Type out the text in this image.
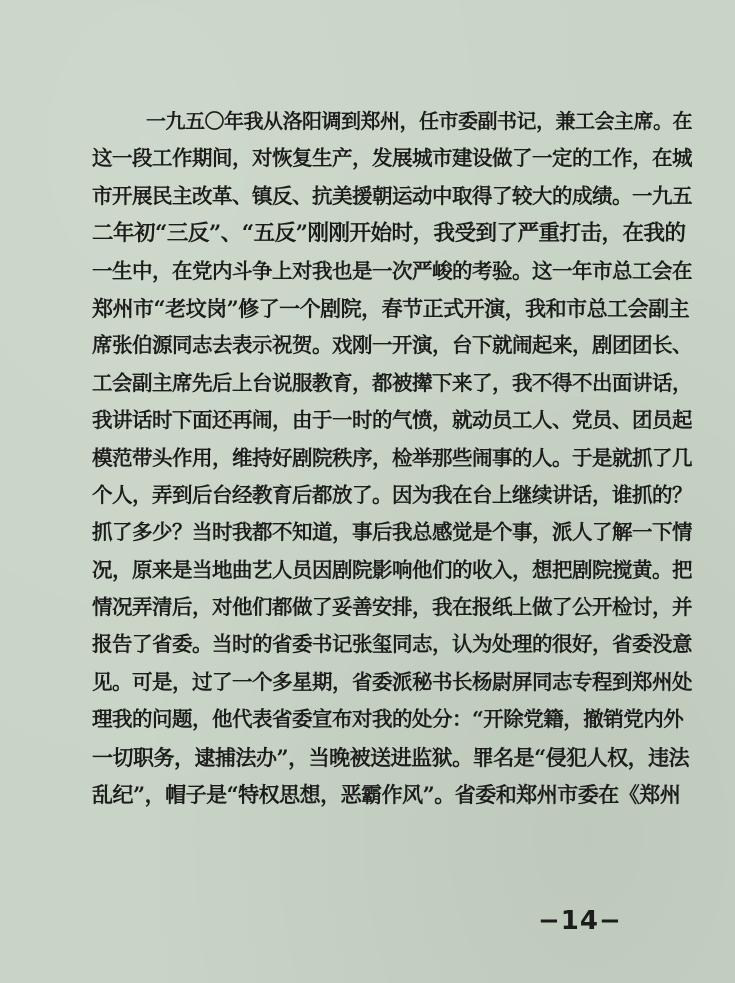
一九五〇年我从洛阳调到郑州，任市委副书记，兼工会主席。在
这一段工作期间，对恢复生产，发展城市建设做了一定的工作，在城
市开展民主改革、镇反、抗美援朝运动中取得了较大的成绩。一九五
二年初“三反”、“五反”刚刚开始时，我受到了严重打击，在我的
一生中，在党内斗争上对我也是一次严峻的考验。这一年市总工会在
郑州市“老坟岗”修了一个剧院，春节正式开演，我和市总工会副主
席张伯源同志去表示祝贺。戏刚一开演，台下就闹起来，剧团团长、
工会副主席先后上台说服教育，都被撵下来了，我不得不出面讲话，
我讲话时下面还再闹，由于一时的气愤，就动员工人、党员、团员起
模范带头作用，维持好剧院秩序，检举那些闹事的人。于是就抓了几
个人，弄到后台经教育后都放了。因为我在台上继续讲话，谁抓的？
抓了多少？当时我都不知道，事后我总感觉是个事，派人了解一下情
况，原来是当地曲艺人员因剧院影响他们的收入，想把剧院搅黄。把
情况弄清后，对他们都做了妥善安排，我在报纸上做了公开检讨，并
报告了省委。当时的省委书记张玺同志，认为处理的很好，省委没意
见。可是，过了一个多星期，省委派秘书长杨尉屏同志专程到郑州处
理我的问题，他代表省委宣布对我的处分：“开除党籍，撤销党内外
一切职务，逮捕法办”，当晚被送进监狱。罪名是“侵犯人权，违法
乱纪”，帽子是“特权思想，恶霸作风”。省委和郑州市委在《郑州
−14−
